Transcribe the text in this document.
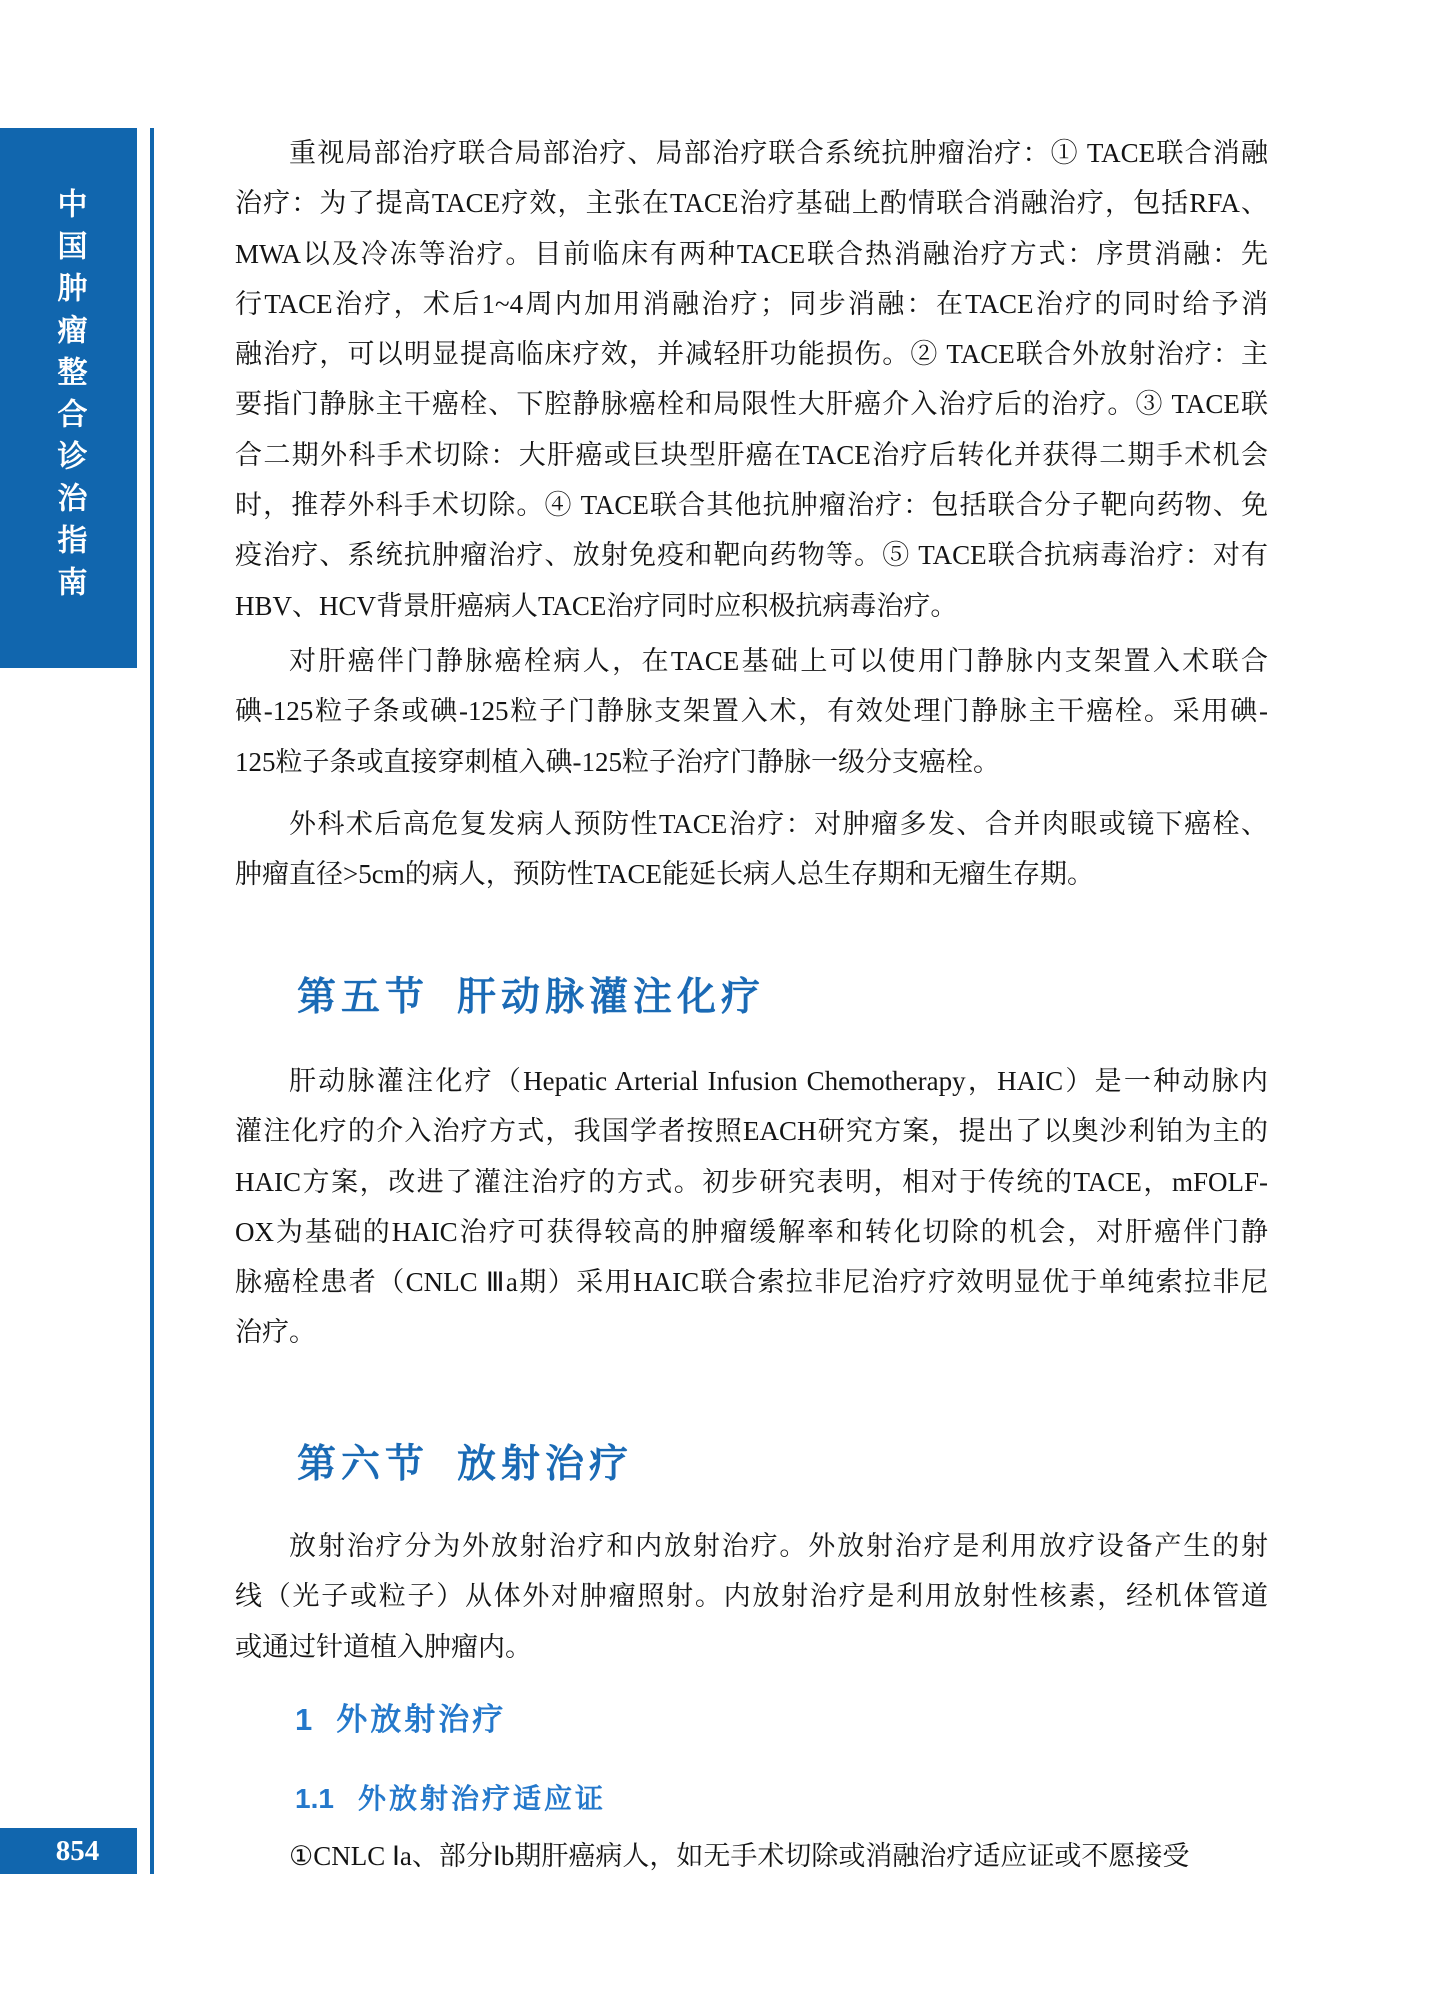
中国肿瘤整合诊治指南
854
重视局部治疗联合局部治疗、局部治疗联合系统抗肿瘤治疗：① TACE联合消融
治疗：为了提高TACE疗效，主张在TACE治疗基础上酌情联合消融治疗，包括RFA、
MWA以及冷冻等治疗。目前临床有两种TACE联合热消融治疗方式：序贯消融：先
行TACE治疗，术后1~4周内加用消融治疗；同步消融：在TACE治疗的同时给予消
融治疗，可以明显提高临床疗效，并减轻肝功能损伤。② TACE联合外放射治疗：主
要指门静脉主干癌栓、下腔静脉癌栓和局限性大肝癌介入治疗后的治疗。③ TACE联
合二期外科手术切除：大肝癌或巨块型肝癌在TACE治疗后转化并获得二期手术机会
时，推荐外科手术切除。④ TACE联合其他抗肿瘤治疗：包括联合分子靶向药物、免
疫治疗、系统抗肿瘤治疗、放射免疫和靶向药物等。⑤ TACE联合抗病毒治疗：对有
HBV、HCV背景肝癌病人TACE治疗同时应积极抗病毒治疗。
对肝癌伴门静脉癌栓病人，在TACE基础上可以使用门静脉内支架置入术联合
碘-125粒子条或碘-125粒子门静脉支架置入术，有效处理门静脉主干癌栓。采用碘-
125粒子条或直接穿刺植入碘-125粒子治疗门静脉一级分支癌栓。
外科术后高危复发病人预防性TACE治疗：对肿瘤多发、合并肉眼或镜下癌栓、
肿瘤直径>5cm的病人，预防性TACE能延长病人总生存期和无瘤生存期。
第五节 肝动脉灌注化疗
肝动脉灌注化疗（Hepatic Arterial Infusion Chemotherapy，HAIC）是一种动脉内
灌注化疗的介入治疗方式，我国学者按照EACH研究方案，提出了以奥沙利铂为主的
HAIC方案，改进了灌注治疗的方式。初步研究表明，相对于传统的TACE，mFOLF-
OX为基础的HAIC治疗可获得较高的肿瘤缓解率和转化切除的机会，对肝癌伴门静
脉癌栓患者（CNLC Ⅲa期）采用HAIC联合索拉非尼治疗疗效明显优于单纯索拉非尼
治疗。
第六节 放射治疗
放射治疗分为外放射治疗和内放射治疗。外放射治疗是利用放疗设备产生的射
线（光子或粒子）从体外对肿瘤照射。内放射治疗是利用放射性核素，经机体管道
或通过针道植入肿瘤内。
1 外放射治疗
1.1 外放射治疗适应证
①CNLC Ⅰa、部分Ⅰb期肝癌病人，如无手术切除或消融治疗适应证或不愿接受
